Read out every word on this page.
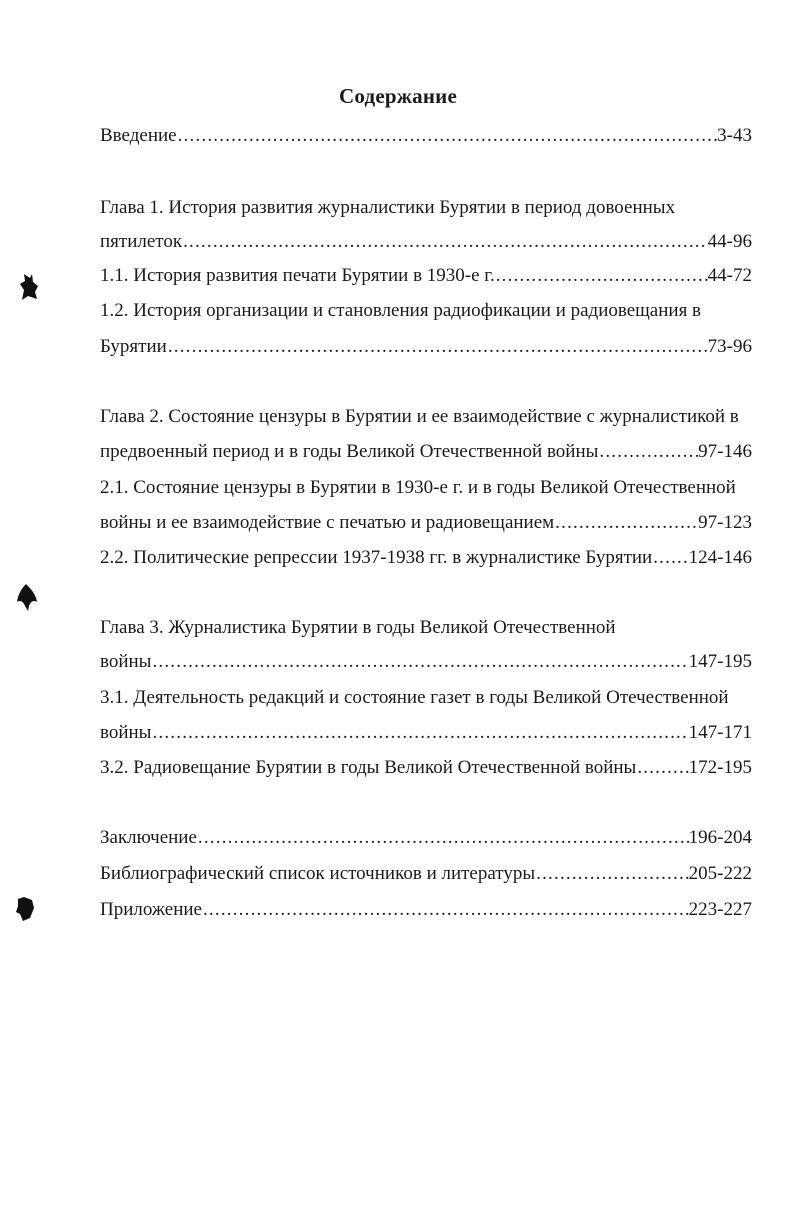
Содержание
Введение .....	3-43
Глава 1. История развития журналистики Бурятии в период довоенных
пятилеток .....	44-96
1.1. История развития печати Бурятии в 1930-е г. .....	44-72
1.2. История организации и становления радиофикации и радиовещания в
Бурятии .....	73-96
Глава 2. Состояние цензуры в Бурятии и ее взаимодействие с журналистикой в
предвоенный период и в годы Великой Отечественной войны .....	97-146
2.1. Состояние цензуры в Бурятии в 1930-е г. и в годы Великой Отечественной
войны и ее взаимодействие с печатью и радиовещанием .....	97-123
2.2. Политические репрессии 1937-1938 гг. в журналистике Бурятии ..... 124-146
Глава 3. Журналистика Бурятии в годы Великой Отечественной
войны .....	147-195
3.1. Деятельность редакций и состояние газет в годы Великой Отечественной
войны .....	147-171
3.2. Радиовещание Бурятии в годы Великой Отечественной войны .....	172-195
Заключение .....	196-204
Библиографический список источников и литературы .....	205-222
Приложение .....	223-227
